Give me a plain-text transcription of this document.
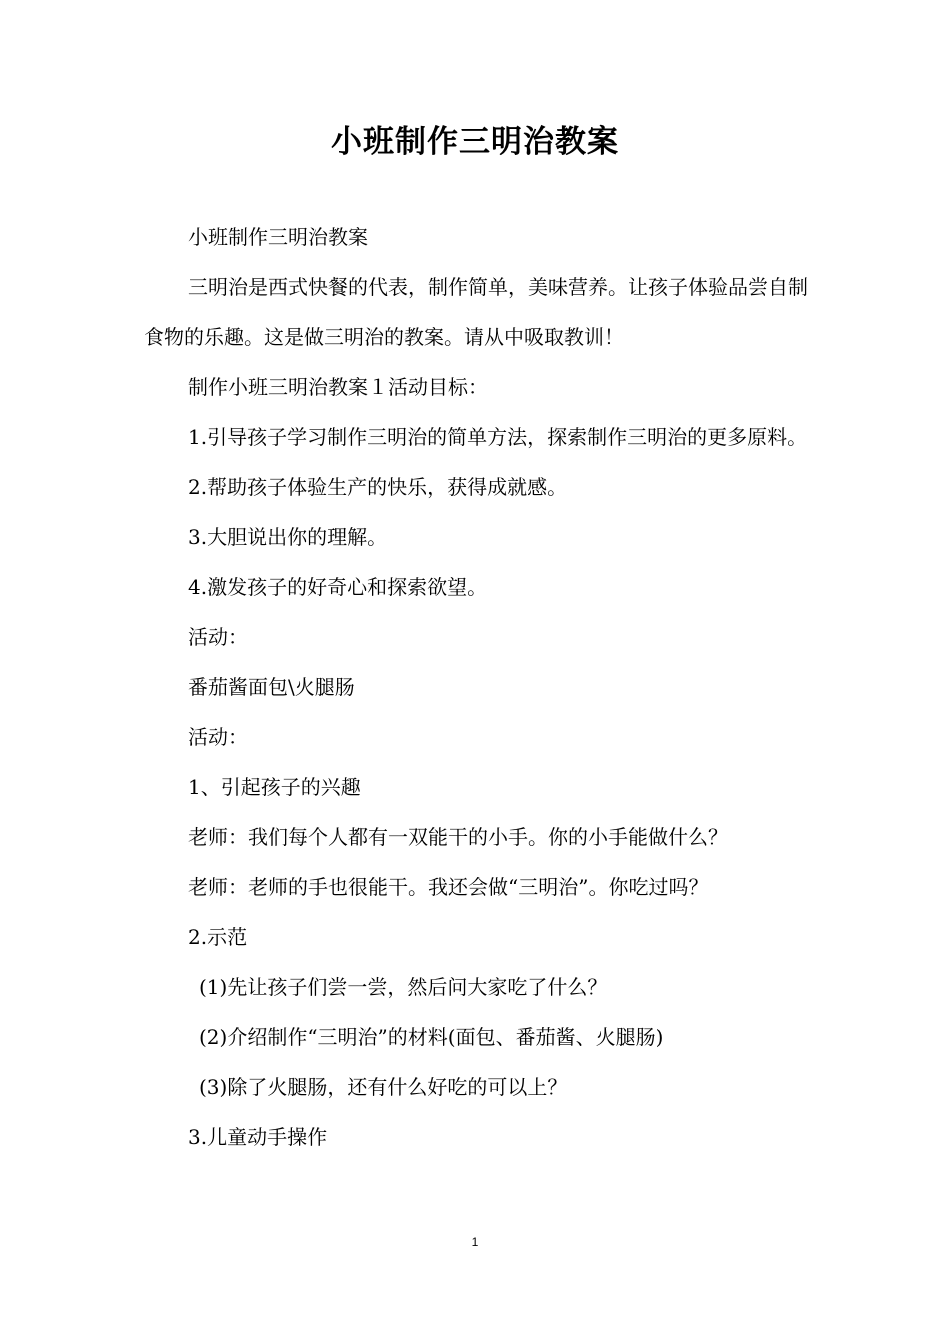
小班制作三明治教案

小班制作三明治教案

三明治是西式快餐的代表，制作简单，美味营养。让孩子体验品尝自制食物的乐趣。这是做三明治的教案。请从中吸取教训！

制作小班三明治教案１活动目标：

1.引导孩子学习制作三明治的简单方法，探索制作三明治的更多原料。

2.帮助孩子体验生产的快乐，获得成就感。

3.大胆说出你的理解。

4.激发孩子的好奇心和探索欲望。

活动：

番茄酱面包\火腿肠

活动：

1、引起孩子的兴趣

老师：我们每个人都有一双能干的小手。你的小手能做什么？

老师：老师的手也很能干。我还会做“三明治”。你吃过吗？

2.示范

(1)先让孩子们尝一尝，然后问大家吃了什么？

(2)介绍制作“三明治”的材料(面包、番茄酱、火腿肠)

(3)除了火腿肠，还有什么好吃的可以上？

3.儿童动手操作

1
